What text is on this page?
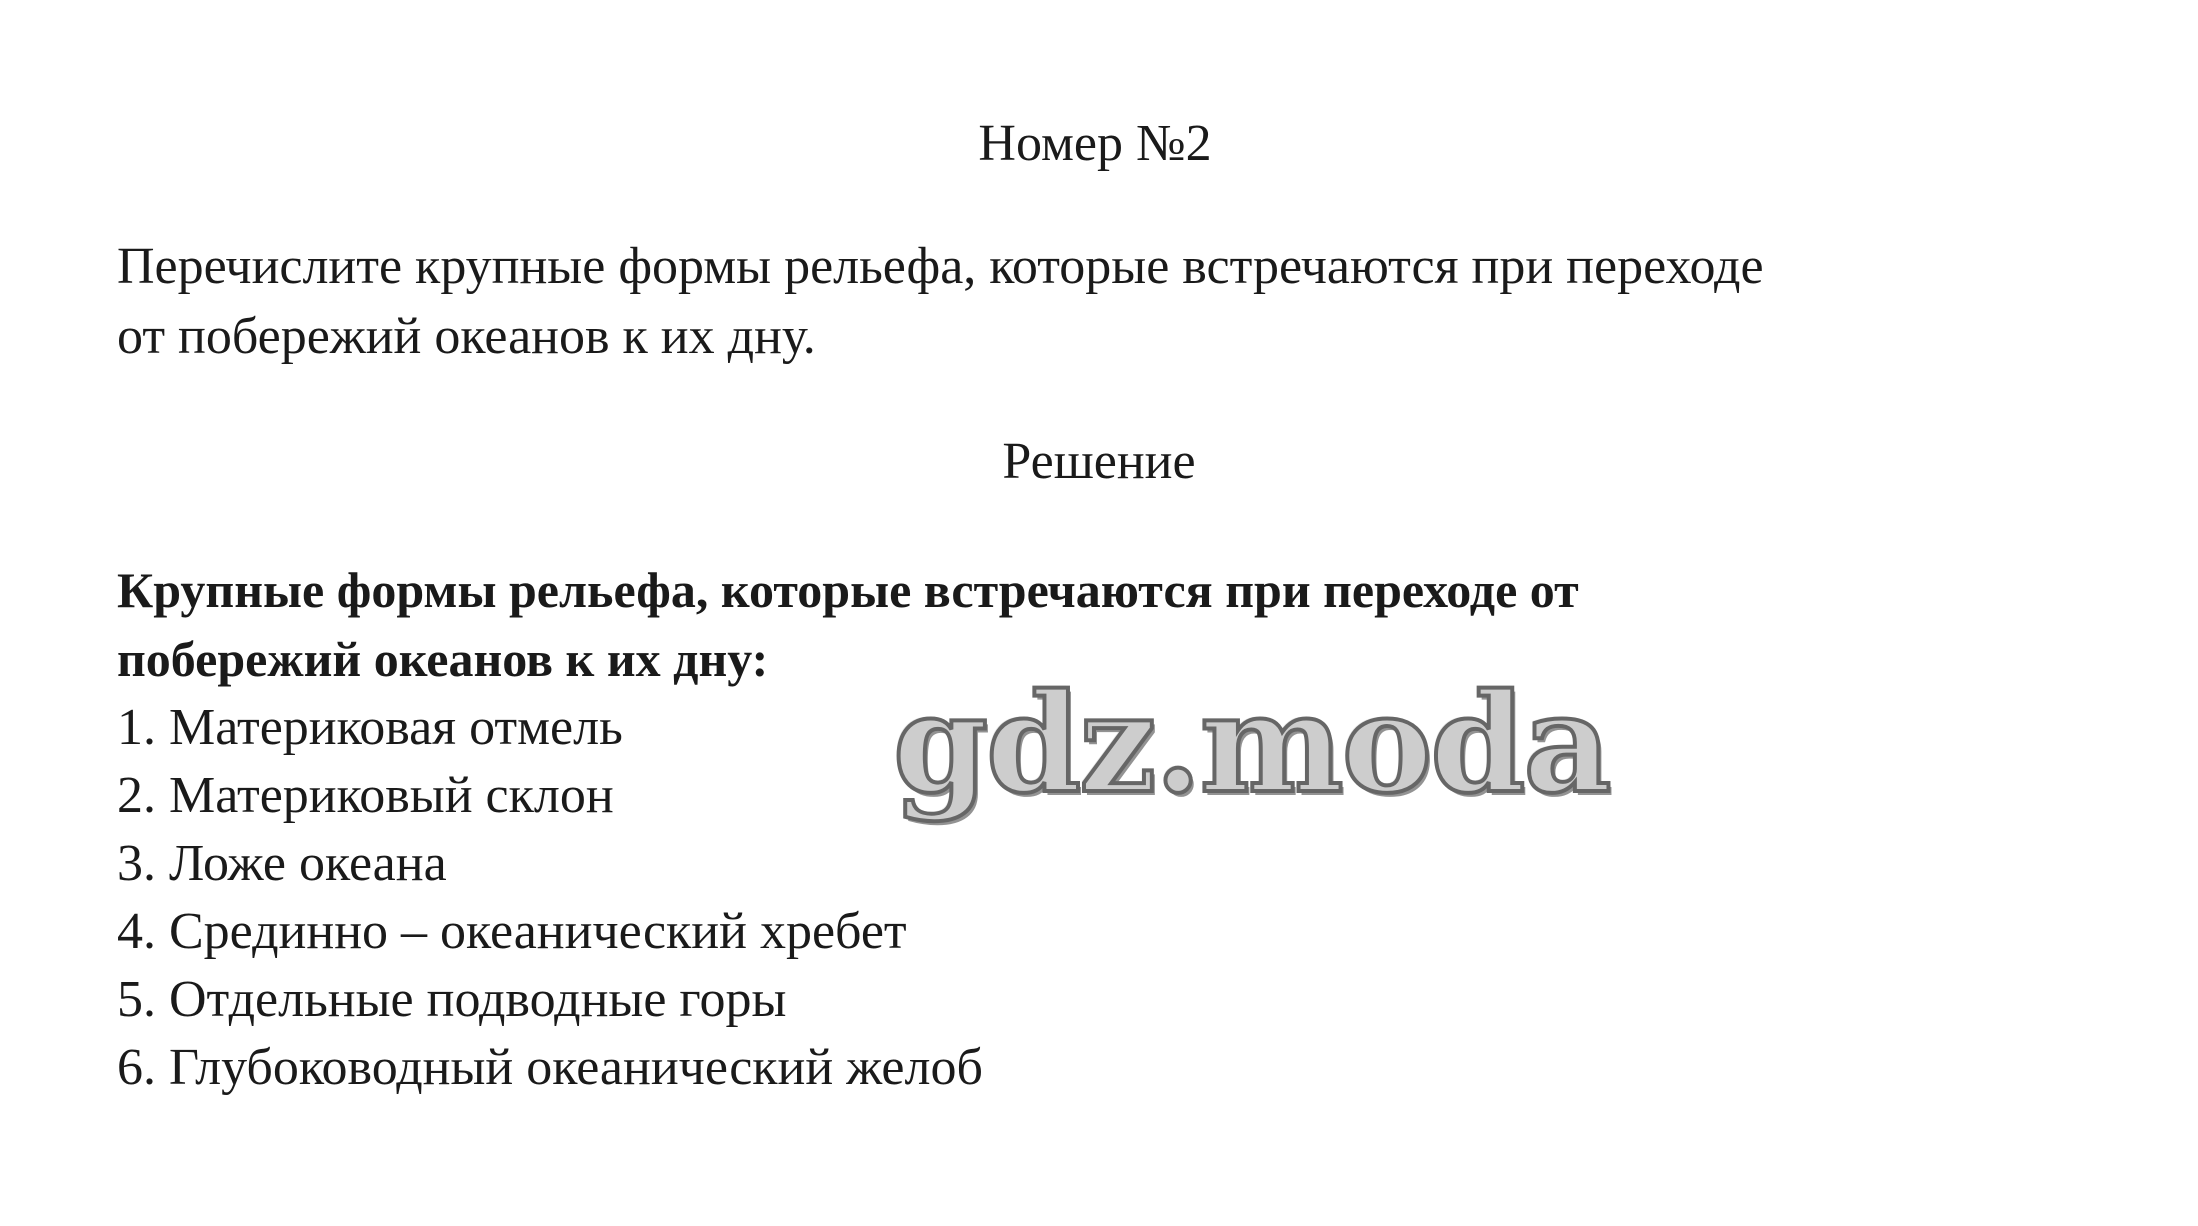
Номер №2
Перечислите крупные формы рельефа, которые встречаются при переходе
от побережий океанов к их дну.
Решение
Крупные формы рельефа, которые встречаются при переходе от
побережий океанов к их дну:
1. Материковая отмель
2. Материковый склон
3. Ложе океана
4. Срединно – океанический хребет
5. Отдельные подводные горы
6. Глубоководный океанический желоб
gdz.moda
